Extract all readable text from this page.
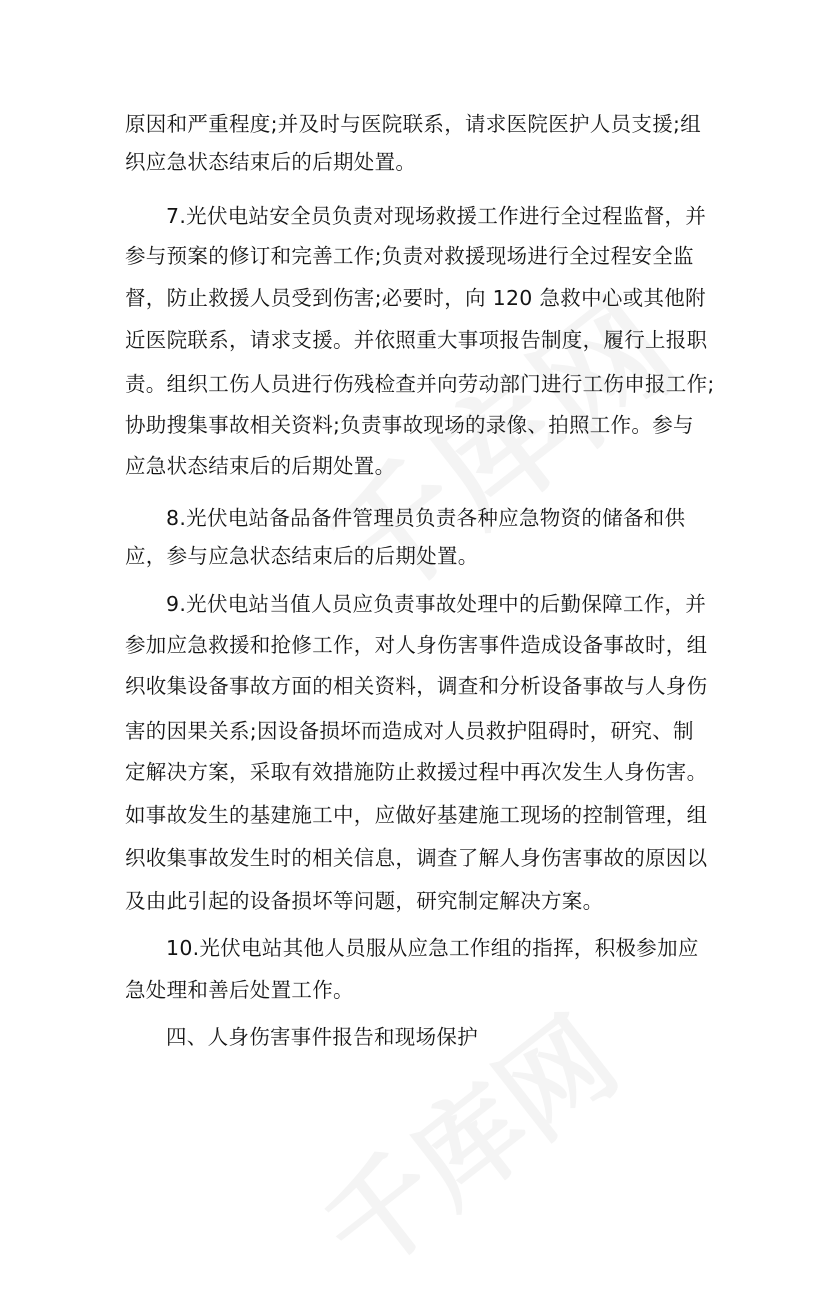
原因和严重程度;并及时与医院联系，请求医院医护人员支援;组
织应急状态结束后的后期处置。
7.光伏电站安全员负责对现场救援工作进行全过程监督，并
参与预案的修订和完善工作;负责对救援现场进行全过程安全监
督，防止救援人员受到伤害;必要时，向 120 急救中心或其他附
近医院联系，请求支援。并依照重大事项报告制度，履行上报职
责。组织工伤人员进行伤残检查并向劳动部门进行工伤申报工作;
协助搜集事故相关资料;负责事故现场的录像、拍照工作。参与
应急状态结束后的后期处置。
8.光伏电站备品备件管理员负责各种应急物资的储备和供
应，参与应急状态结束后的后期处置。
9.光伏电站当值人员应负责事故处理中的后勤保障工作，并
参加应急救援和抢修工作，对人身伤害事件造成设备事故时，组
织收集设备事故方面的相关资料，调查和分析设备事故与人身伤
害的因果关系;因设备损坏而造成对人员救护阻碍时，研究、制
定解决方案，采取有效措施防止救援过程中再次发生人身伤害。
如事故发生的基建施工中，应做好基建施工现场的控制管理，组
织收集事故发生时的相关信息，调查了解人身伤害事故的原因以
及由此引起的设备损坏等问题，研究制定解决方案。
10.光伏电站其他人员服从应急工作组的指挥，积极参加应
急处理和善后处置工作。
四、人身伤害事件报告和现场保护
